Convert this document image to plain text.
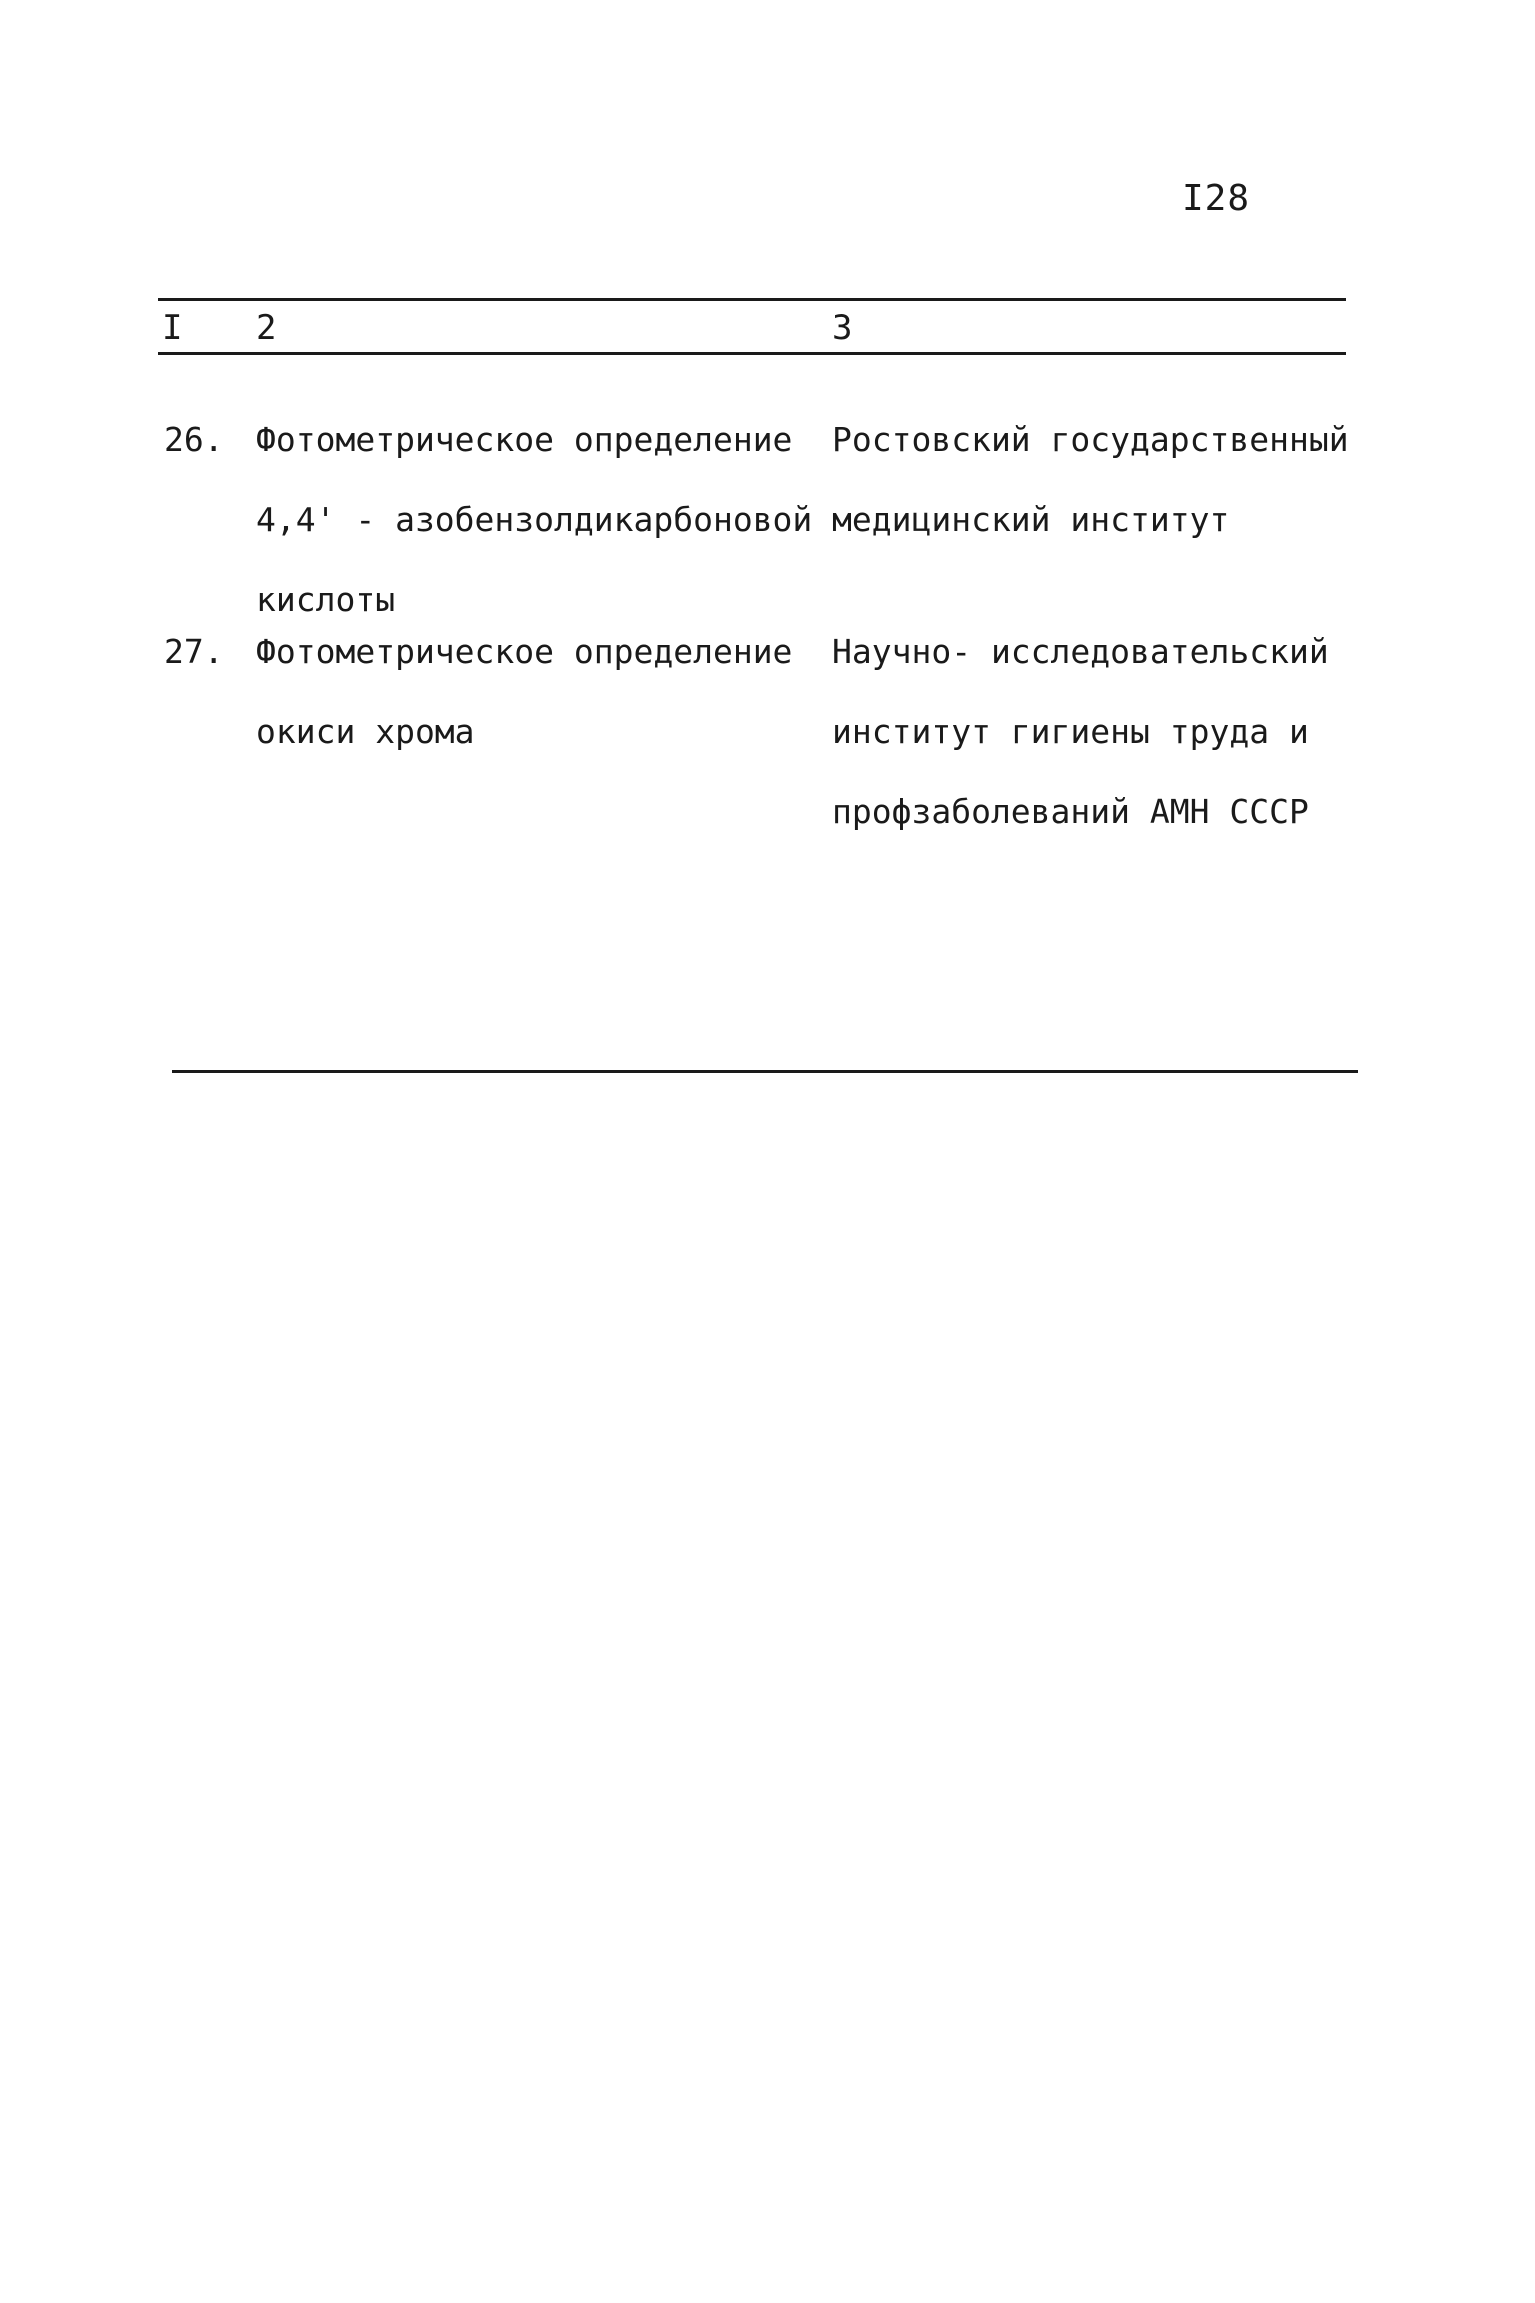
I28
I 2	3
26. Фотометрическое определение
4,4' - азобензолдикарбоновой
кислоты
Ростовский государственный
медицинский институт
27. Фотометрическое определение
окиси хрома
Научно- исследовательский
институт гигиены труда и
профзаболеваний АМН СССР
